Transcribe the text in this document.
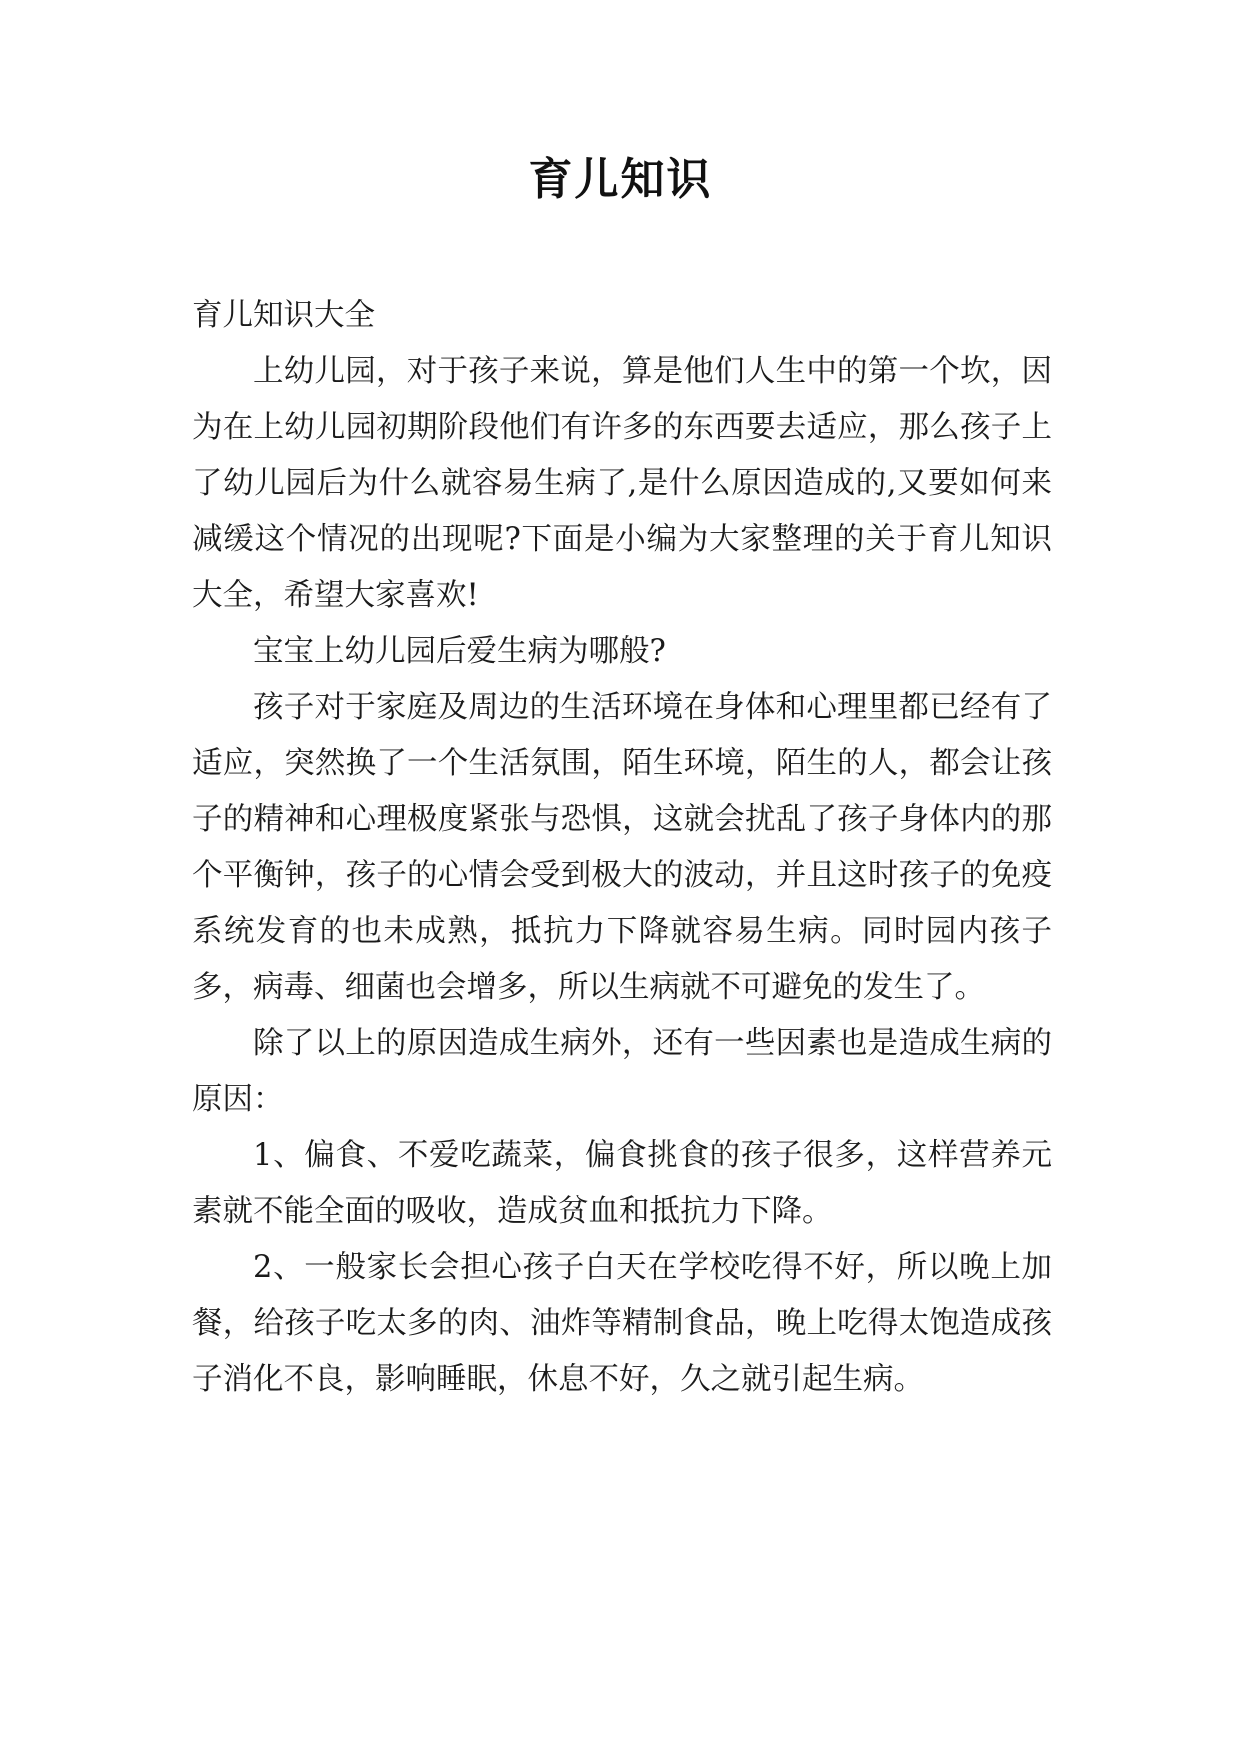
育儿知识

育儿知识大全

上幼儿园，对于孩子来说，算是他们人生中的第一个坎，因为在上幼儿园初期阶段他们有许多的东西要去适应，那么孩子上了幼儿园后为什么就容易生病了,是什么原因造成的,又要如何来减缓这个情况的出现呢?下面是小编为大家整理的关于育儿知识大全，希望大家喜欢!

宝宝上幼儿园后爱生病为哪般?

孩子对于家庭及周边的生活环境在身体和心理里都已经有了适应，突然换了一个生活氛围，陌生环境，陌生的人，都会让孩子的精神和心理极度紧张与恐惧，这就会扰乱了孩子身体内的那个平衡钟，孩子的心情会受到极大的波动，并且这时孩子的免疫系统发育的也未成熟，抵抗力下降就容易生病。同时园内孩子多，病毒、细菌也会增多，所以生病就不可避免的发生了。

除了以上的原因造成生病外，还有一些因素也是造成生病的原因：

1、偏食、不爱吃蔬菜，偏食挑食的孩子很多，这样营养元素就不能全面的吸收，造成贫血和抵抗力下降。

2、一般家长会担心孩子白天在学校吃得不好，所以晚上加餐，给孩子吃太多的肉、油炸等精制食品，晚上吃得太饱造成孩子消化不良，影响睡眠，休息不好，久之就引起生病。
